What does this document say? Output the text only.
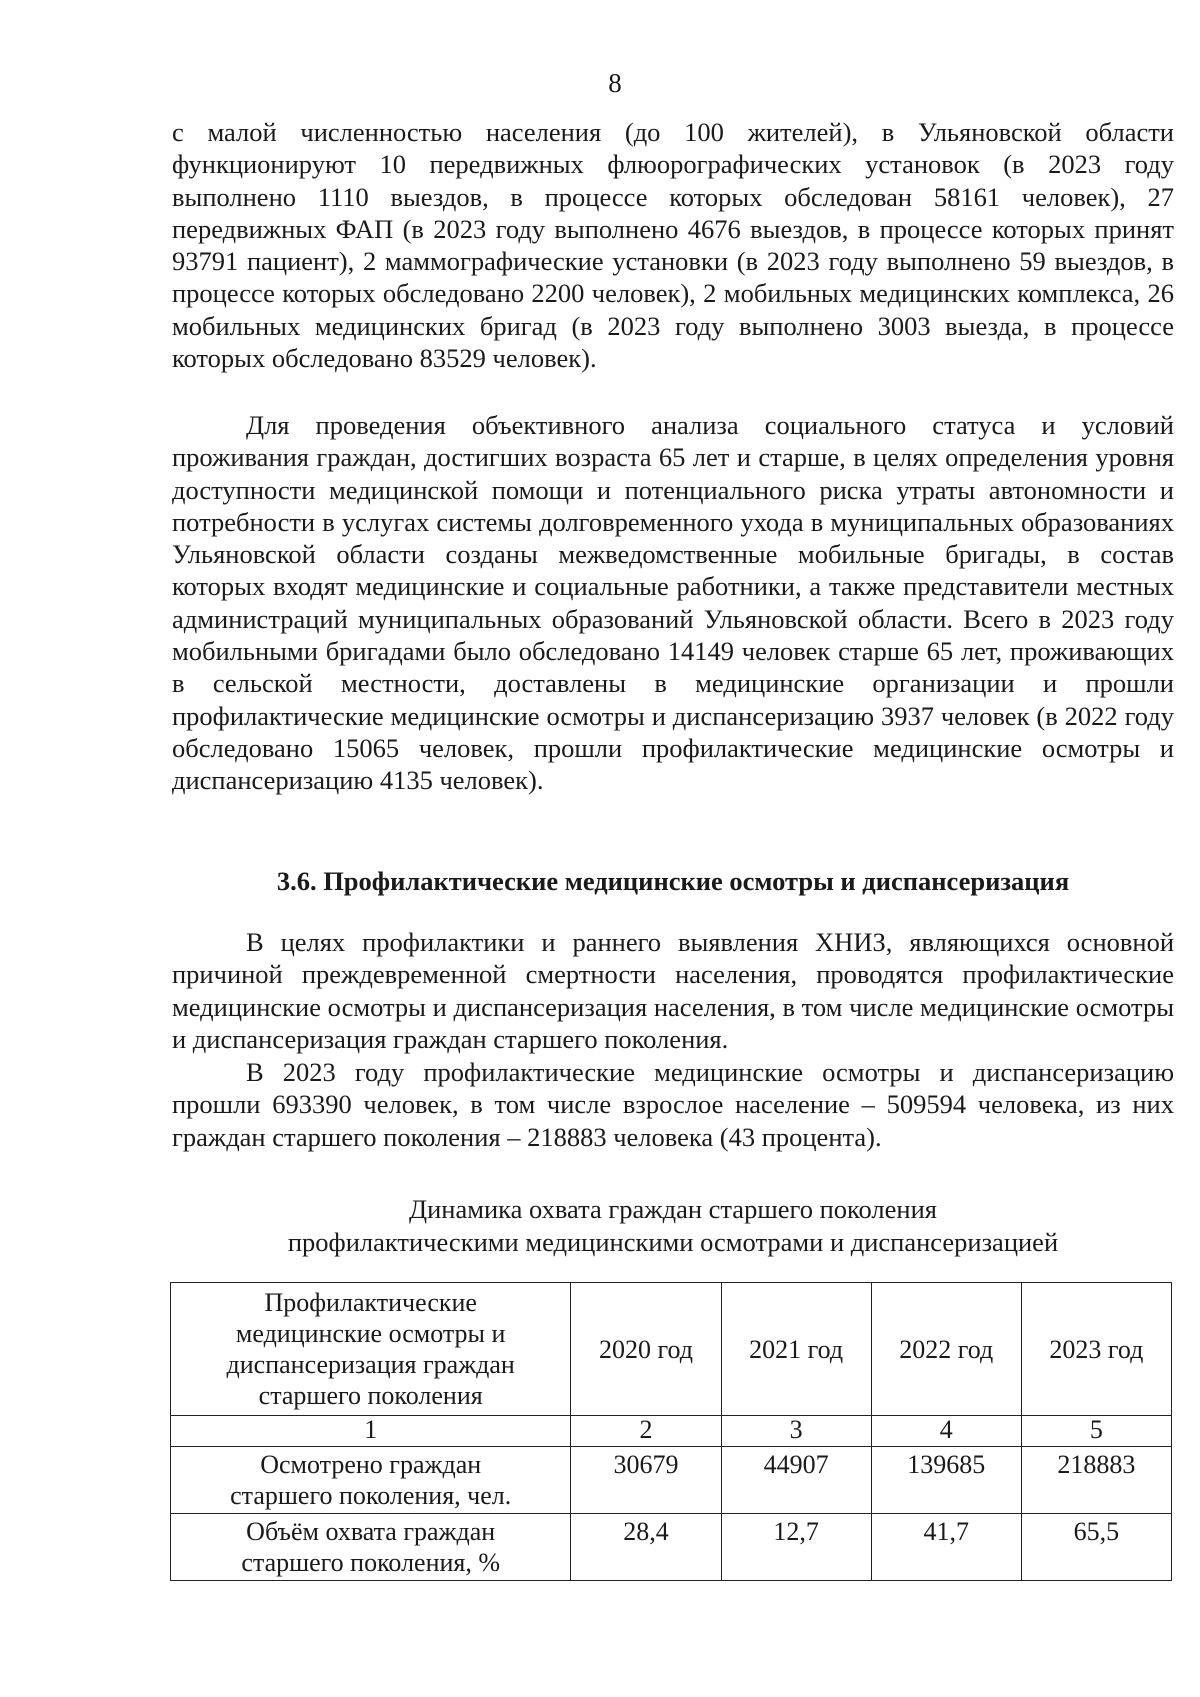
8

с малой численностью населения (до 100 жителей), в Ульяновской области функционируют 10 передвижных флюорографических установок (в 2023 году выполнено 1110 выездов, в процессе которых обследован 58161 человек), 27 передвижных ФАП (в 2023 году выполнено 4676 выездов, в процессе которых принят 93791 пациент), 2 маммографические установки (в 2023 году выполнено 59 выездов, в процессе которых обследовано 2200 человек), 2 мобильных медицинских комплекса, 26 мобильных медицинских бригад (в 2023 году выполнено 3003 выезда, в процессе которых обследовано 83529 человек).

Для проведения объективного анализа социального статуса и условий проживания граждан, достигших возраста 65 лет и старше, в целях определения уровня доступности медицинской помощи и потенциального риска утраты автономности и потребности в услугах системы долговременного ухода в муниципальных образованиях Ульяновской области созданы межведомственные мобильные бригады, в состав которых входят медицинские и социальные работники, а также представители местных администраций муниципальных образований Ульяновской области. Всего в 2023 году мобильными бригадами было обследовано 14149 человек старше 65 лет, проживающих в сельской местности, доставлены в медицинские организации и прошли профилактические медицинские осмотры и диспансеризацию 3937 человек (в 2022 году обследовано 15065 человек, прошли профилактические медицинские осмотры и диспансеризацию 4135 человек).

3.6. Профилактические медицинские осмотры и диспансеризация

В целях профилактики и раннего выявления ХНИЗ, являющихся основной причиной преждевременной смертности населения, проводятся профилактические медицинские осмотры и диспансеризация населения, в том числе медицинские осмотры и диспансеризация граждан старшего поколения.

В 2023 году профилактические медицинские осмотры и диспансеризацию прошли 693390 человек, в том числе взрослое население – 509594 человека, из них граждан старшего поколения – 218883 человека (43 процента).

Динамика охвата граждан старшего поколения
профилактическими медицинскими осмотрами и диспансеризацией
Профилактические медицинские осмотры и диспансеризация граждан старшего поколения	2020 год	2021 год	2022 год	2023 год
1	2	3	4	5
Осмотрено граждан старшего поколения, чел.	30679	44907	139685	218883
Объём охвата граждан старшего поколения, %	28,4	12,7	41,7	65,5
